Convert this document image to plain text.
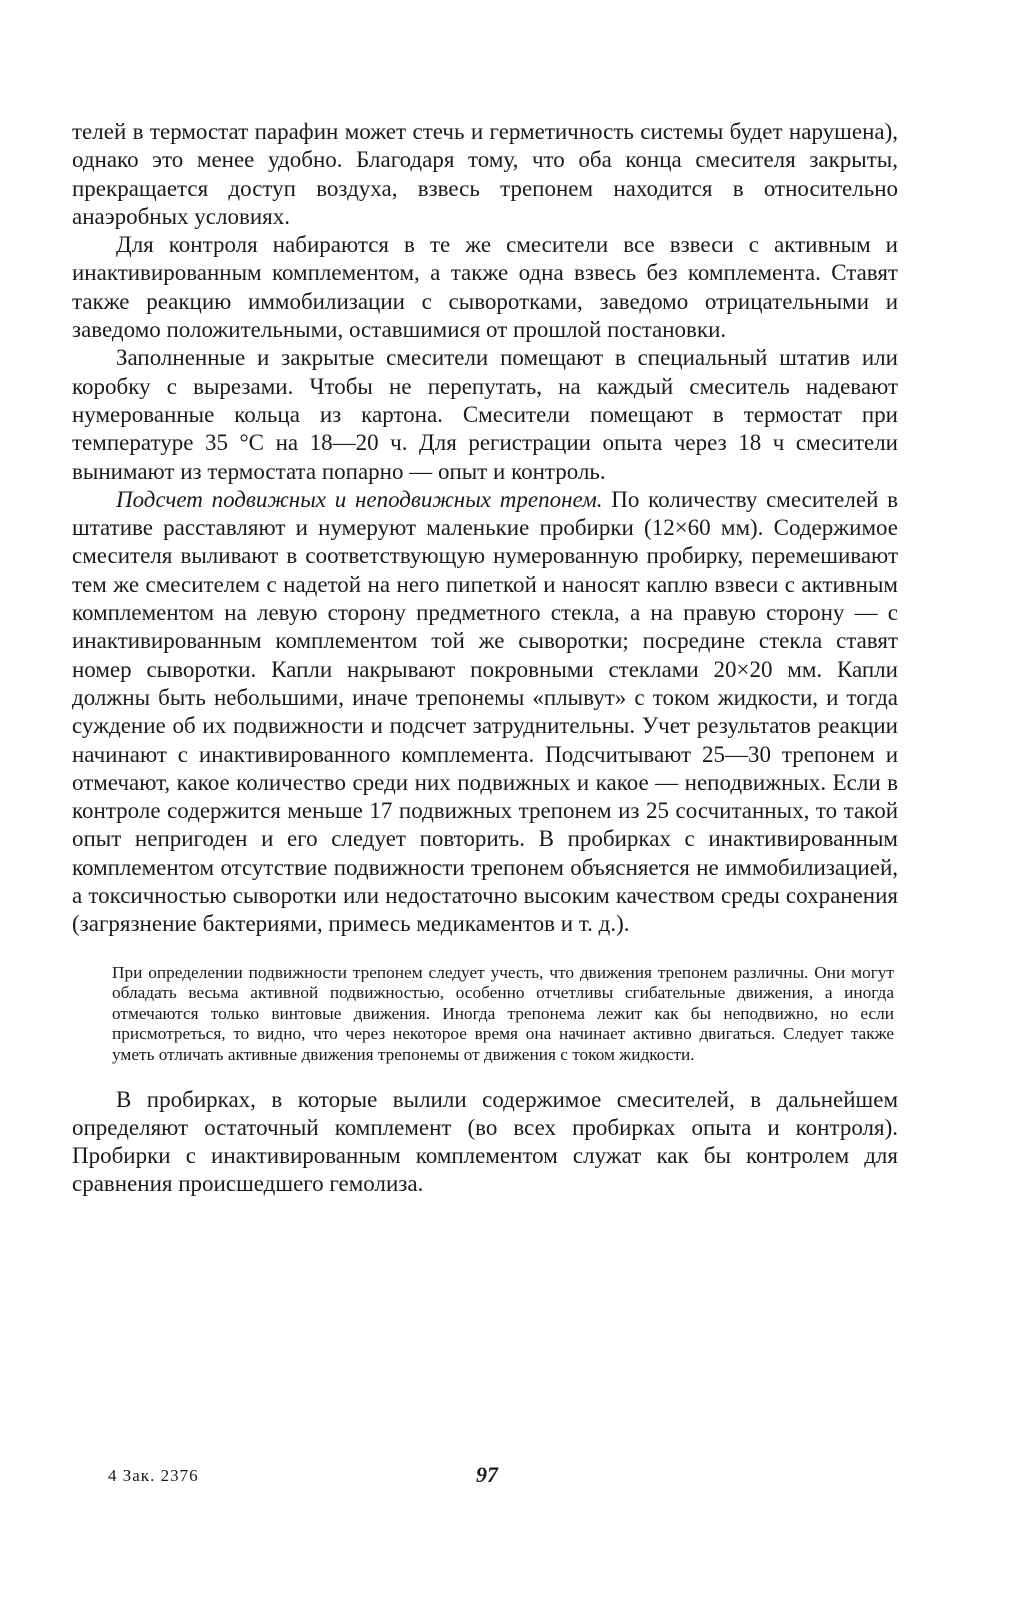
телей в термостат парафин может стечь и герметичность системы будет нарушена), однако это менее удобно. Благодаря тому, что оба конца смесителя закрыты, прекращается доступ воздуха, взвесь трепонем находится в относительно анаэробных условиях.

Для контроля набираются в те же смесители все взвеси с активным и инактивированным комплементом, а также одна взвесь без комплемента. Ставят также реакцию иммобилизации с сыворотками, заведомо отрицательными и заведомо положительными, оставшимися от прошлой постановки.

Заполненные и закрытые смесители помещают в специальный штатив или коробку с вырезами. Чтобы не перепутать, на каждый смеситель надевают нумерованные кольца из картона. Смесители помещают в термостат при температуре 35 °С на 18—20 ч. Для регистрации опыта через 18 ч смесители вынимают из термостата попарно — опыт и контроль.

Подсчет подвижных и неподвижных трепонем. По количеству смесителей в штативе расставляют и нумеруют маленькие пробирки (12×60 мм). Содержимое смесителя выливают в соответствующую нумерованную пробирку, перемешивают тем же смесителем с надетой на него пипеткой и наносят каплю взвеси с активным комплементом на левую сторону предметного стекла, а на правую сторону — с инактивированным комплементом той же сыворотки; посредине стекла ставят номер сыворотки. Капли накрывают покровными стеклами 20×20 мм. Капли должны быть небольшими, иначе трепонемы «плывут» с током жидкости, и тогда суждение об их подвижности и подсчет затруднительны. Учет результатов реакции начинают с инактивированного комплемента. Подсчитывают 25—30 трепонем и отмечают, какое количество среди них подвижных и какое — неподвижных. Если в контроле содержится меньше 17 подвижных трепонем из 25 сосчитанных, то такой опыт непригоден и его следует повторить. В пробирках с инактивированным комплементом отсутствие подвижности трепонем объясняется не иммобилизацией, а токсичностью сыворотки или недостаточно высоким качеством среды сохранения (загрязнение бактериями, примесь медикаментов и т. д.).

При определении подвижности трепонем следует учесть, что движения трепонем различны. Они могут обладать весьма активной подвижностью, особенно отчетливы сгибательные движения, а иногда отмечаются только винтовые движения. Иногда трепонема лежит как бы неподвижно, но если присмотреться, то видно, что через некоторое время она начинает активно двигаться. Следует также уметь отличать активные движения трепонемы от движения с током жидкости.

В пробирках, в которые вылили содержимое смесителей, в дальнейшем определяют остаточный комплемент (во всех пробирках опыта и контроля). Пробирки с инактивированным комплементом служат как бы контролем для сравнения происшедшего гемолиза.

4 Зак. 2376	97
